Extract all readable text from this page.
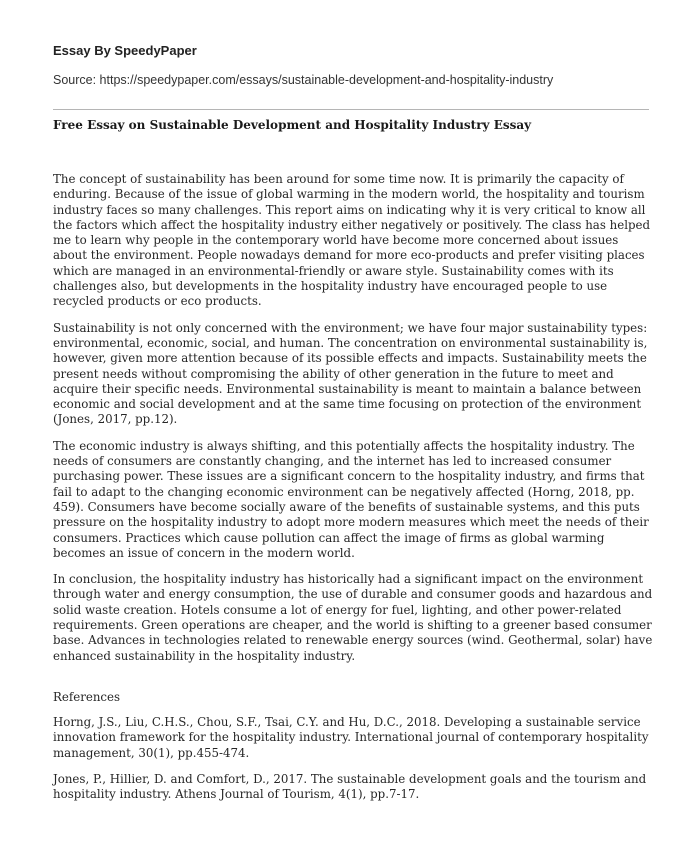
Essay By SpeedyPaper
Source: https://speedypaper.com/essays/sustainable-development-and-hospitality-industry
Free Essay on Sustainable Development and Hospitality Industry Essay

The concept of sustainability has been around for some time now. It is primarily the capacity of enduring. Because of the issue of global warming in the modern world, the hospitality and tourism industry faces so many challenges. This report aims on indicating why it is very critical to know all the factors which affect the hospitality industry either negatively or positively. The class has helped me to learn why people in the contemporary world have become more concerned about issues about the environment. People nowadays demand for more eco-products and prefer visiting places which are managed in an environmental-friendly or aware style. Sustainability comes with its challenges also, but developments in the hospitality industry have encouraged people to use recycled products or eco products.

Sustainability is not only concerned with the environment; we have four major sustainability types: environmental, economic, social, and human. The concentration on environmental sustainability is, however, given more attention because of its possible effects and impacts. Sustainability meets the present needs without compromising the ability of other generation in the future to meet and acquire their specific needs. Environmental sustainability is meant to maintain a balance between economic and social development and at the same time focusing on protection of the environment (Jones, 2017, pp.12).

The economic industry is always shifting, and this potentially affects the hospitality industry. The needs of consumers are constantly changing, and the internet has led to increased consumer purchasing power. These issues are a significant concern to the hospitality industry, and firms that fail to adapt to the changing economic environment can be negatively affected (Horng, 2018, pp. 459). Consumers have become socially aware of the benefits of sustainable systems, and this puts pressure on the hospitality industry to adopt more modern measures which meet the needs of their consumers. Practices which cause pollution can affect the image of firms as global warming becomes an issue of concern in the modern world.

In conclusion, the hospitality industry has historically had a significant impact on the environment through water and energy consumption, the use of durable and consumer goods and hazardous and solid waste creation. Hotels consume a lot of energy for fuel, lighting, and other power-related requirements. Green operations are cheaper, and the world is shifting to a greener based consumer base. Advances in technologies related to renewable energy sources (wind. Geothermal, solar) have enhanced sustainability in the hospitality industry.

References

Horng, J.S., Liu, C.H.S., Chou, S.F., Tsai, C.Y. and Hu, D.C., 2018. Developing a sustainable service innovation framework for the hospitality industry. International journal of contemporary hospitality management, 30(1), pp.455-474.

Jones, P., Hillier, D. and Comfort, D., 2017. The sustainable development goals and the tourism and hospitality industry. Athens Journal of Tourism, 4(1), pp.7-17.
